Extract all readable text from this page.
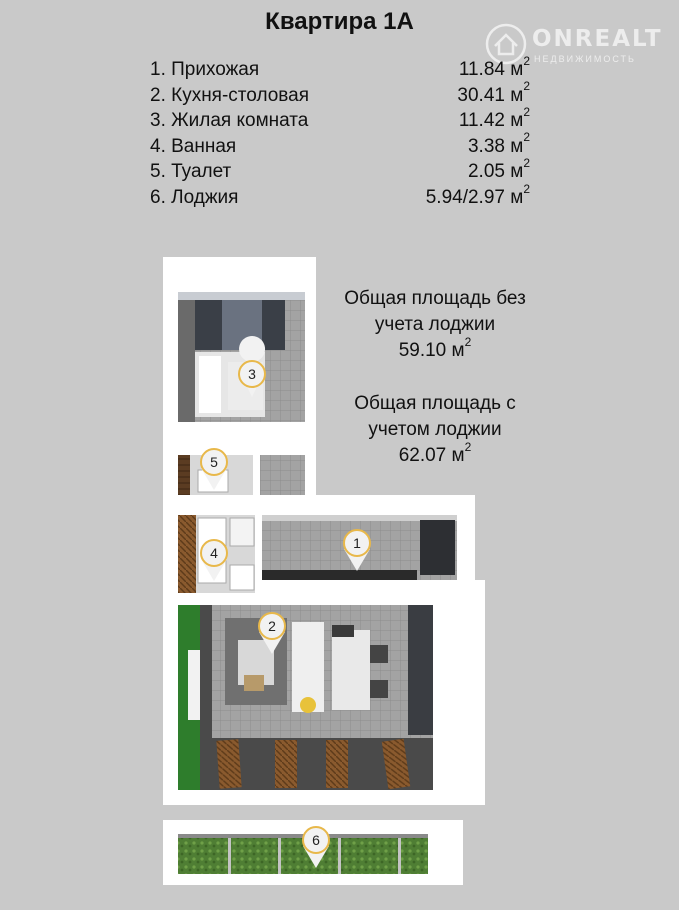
Квартира 1А
ONREALT
НЕДВИЖИМОСТЬ
1. Прихожая	11.84 $м^2$
2. Кухня-столовая	30.41 $м^2$
3. Жилая комната	11.42 $м^2$
4. Ванная	3.38 $м^2$
5. Туалет	2.05 $м^2$
6. Лоджия	5.94/2.97 $м^2$
3
5
4
1
2
6
Общая площадь без
учета лоджии
59.10 $м^2$
Общая площадь с
учетом лоджии
62.07 $м^2$
